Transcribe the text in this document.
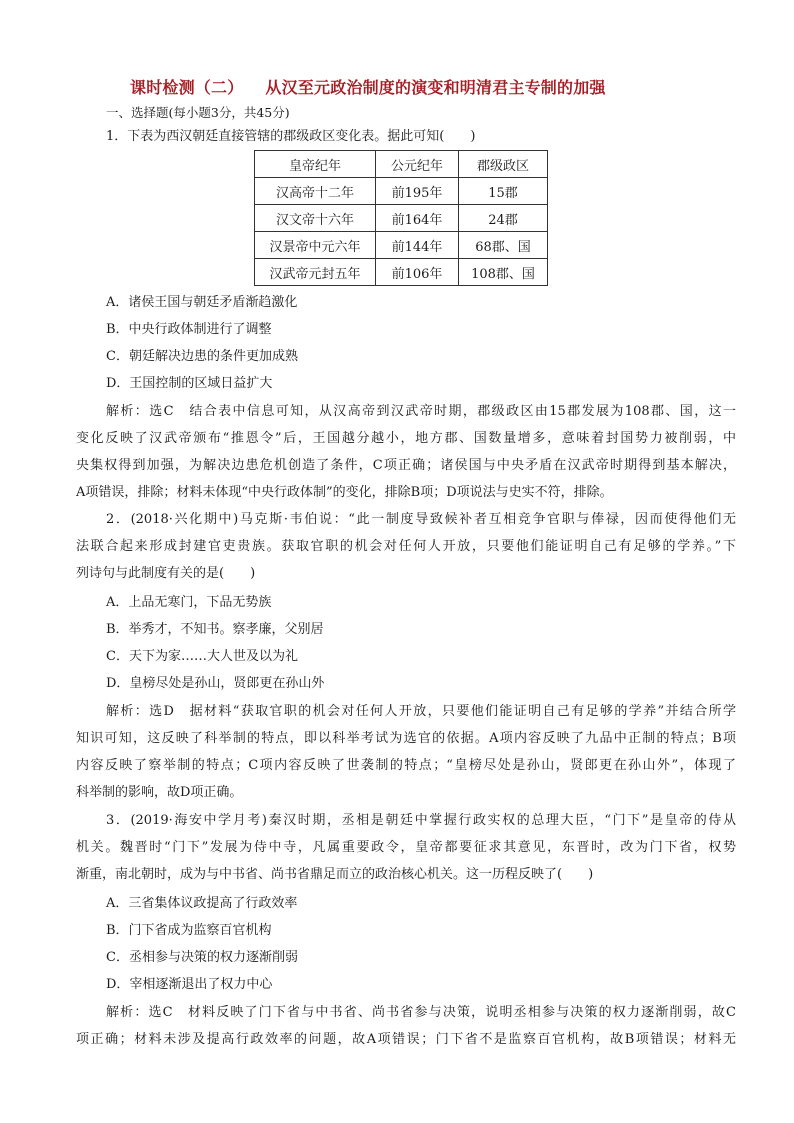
课时检测（二） 从汉至元政治制度的演变和明清君主专制的加强
一、选择题(每小题3分，共45分)
1．下表为西汉朝廷直接管辖的郡级政区变化表。据此可知(　　)
皇帝纪年	公元纪年	郡级政区
汉高帝十二年	前195年	15郡
汉文帝十六年	前164年	24郡
汉景帝中元六年	前144年	68郡、国
汉武帝元封五年	前106年	108郡、国
A．诸侯王国与朝廷矛盾渐趋激化
B．中央行政体制进行了调整
C．朝廷解决边患的条件更加成熟
D．王国控制的区域日益扩大
解析：选C　结合表中信息可知，从汉高帝到汉武帝时期，郡级政区由15郡发展为108郡、国，这一
变化反映了汉武帝颁布“推恩令”后，王国越分越小，地方郡、国数量增多，意味着封国势力被削弱，中
央集权得到加强，为解决边患危机创造了条件，C项正确；诸侯国与中央矛盾在汉武帝时期得到基本解决，
A项错误，排除；材料未体现“中央行政体制”的变化，排除B项；D项说法与史实不符，排除。
2．(2018·兴化期中)马克斯·韦伯说：“此一制度导致候补者互相竞争官职与俸禄，因而使得他们无
法联合起来形成封建官吏贵族。获取官职的机会对任何人开放，只要他们能证明自己有足够的学养。”下
列诗句与此制度有关的是(　　)
A．上品无寒门，下品无势族
B．举秀才，不知书。察孝廉，父别居
C．天下为家……大人世及以为礼
D．皇榜尽处是孙山，贤郎更在孙山外
解析：选D　据材料“获取官职的机会对任何人开放，只要他们能证明自己有足够的学养”并结合所学
知识可知，这反映了科举制的特点，即以科举考试为选官的依据。A项内容反映了九品中正制的特点；B项
内容反映了察举制的特点；C项内容反映了世袭制的特点；“皇榜尽处是孙山，贤郎更在孙山外”，体现了
科举制的影响，故D项正确。
3．(2019·海安中学月考)秦汉时期，丞相是朝廷中掌握行政实权的总理大臣，“门下”是皇帝的侍从
机关。魏晋时“门下”发展为侍中寺，凡属重要政令，皇帝都要征求其意见，东晋时，改为门下省，权势
渐重，南北朝时，成为与中书省、尚书省鼎足而立的政治核心机关。这一历程反映了(　　)
A．三省集体议政提高了行政效率
B．门下省成为监察百官机构
C．丞相参与决策的权力逐渐削弱
D．宰相逐渐退出了权力中心
解析：选C　材料反映了门下省与中书省、尚书省参与决策，说明丞相参与决策的权力逐渐削弱，故C
项正确；材料未涉及提高行政效率的问题，故A项错误；门下省不是监察百官机构，故B项错误；材料无
